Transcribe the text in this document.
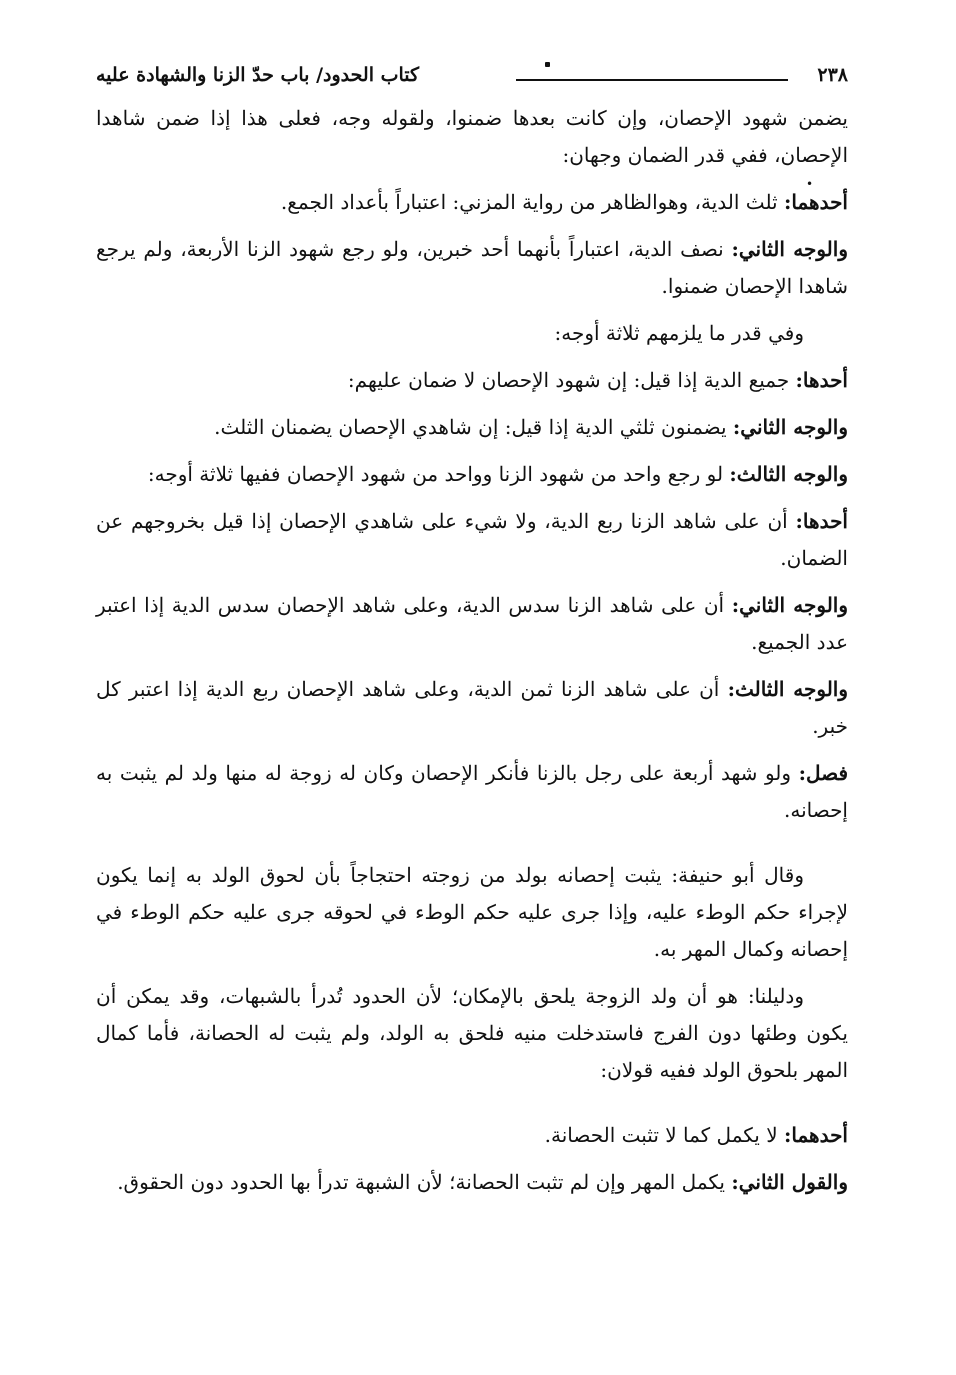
٢٣٨
كتاب الحدود/ باب حدّ الزنا والشهادة عليه
•

يضمن شهود الإحصان، وإن كانت بعدها ضمنوا، ولقوله وجه، فعلى هذا إذا ضمن شاهدا الإحصان، ففي قدر الضمان وجهان:

أحدهما: ثلث الدية، وهوالظاهر من رواية المزني: اعتباراً بأعداد الجمع.

والوجه الثاني: نصف الدية، اعتباراً بأنهما أحد خبرين، ولو رجع شهود الزنا الأربعة، ولم يرجع شاهدا الإحصان ضمنوا.

وفي قدر ما يلزمهم ثلاثة أوجه:

أحدها: جميع الدية إذا قيل: إن شهود الإحصان لا ضمان عليهم:

والوجه الثاني: يضمنون ثلثي الدية إذا قيل: إن شاهدي الإحصان يضمنان الثلث.

والوجه الثالث: لو رجع واحد من شهود الزنا وواحد من شهود الإحصان ففيها ثلاثة أوجه:

أحدها: أن على شاهد الزنا ربع الدية، ولا شيء على شاهدي الإحصان إذا قيل بخروجهم عن الضمان.

والوجه الثاني: أن على شاهد الزنا سدس الدية، وعلى شاهد الإحصان سدس الدية إذا اعتبر عدد الجميع.

والوجه الثالث: أن على شاهد الزنا ثمن الدية، وعلى شاهد الإحصان ربع الدية إذا اعتبر كل خبر.

فصل: ولو شهد أربعة على رجل بالزنا فأنكر الإحصان وكان له زوجة له منها ولد لم يثبت به إحصانه.

وقال أبو حنيفة: يثبت إحصانه بولد من زوجته احتجاجاً بأن لحوق الولد به إنما يكون لإجراء حكم الوطء عليه، وإذا جرى عليه حكم الوطء في لحوقه جرى عليه حكم الوطء في إحصانه وكمال المهر به.

ودليلنا: هو أن ولد الزوجة يلحق بالإمكان؛ لأن الحدود تُدرأ بالشبهات، وقد يمكن أن يكون وطئها دون الفرج فاستدخلت منيه فلحق به الولد، ولم يثبت له الحصانة، فأما كمال المهر بلحوق الولد ففيه قولان:

أحدهما: لا يكمل كما لا تثبت الحصانة.

والقول الثاني: يكمل المهر وإن لم تثبت الحصانة؛ لأن الشبهة تدرأ بها الحدود دون الحقوق.
